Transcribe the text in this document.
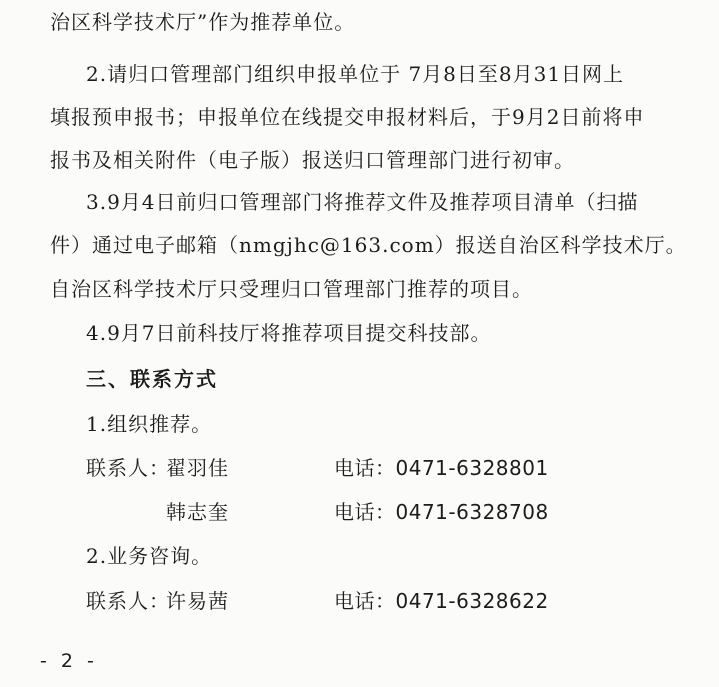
治区科学技术厅”作为推荐单位。
2.请归口管理部门组织申报单位于 7月8日至8月31日网上
填报预申报书；申报单位在线提交申报材料后，于9月2日前将申
报书及相关附件（电子版）报送归口管理部门进行初审。
3.9月4日前归口管理部门将推荐文件及推荐项目清单（扫描
件）通过电子邮箱（nmgjhc@163.com）报送自治区科学技术厅。
自治区科学技术厅只受理归口管理部门推荐的项目。
4.9月7日前科技厅将推荐项目提交科技部。
三、联系方式
1.组织推荐。
联系人：
翟羽佳	电话：0471-6328801
韩志奎	电话：0471-6328708
2.业务咨询。
联系人：
许易茜	电话：0471-6328622
- 2 -
